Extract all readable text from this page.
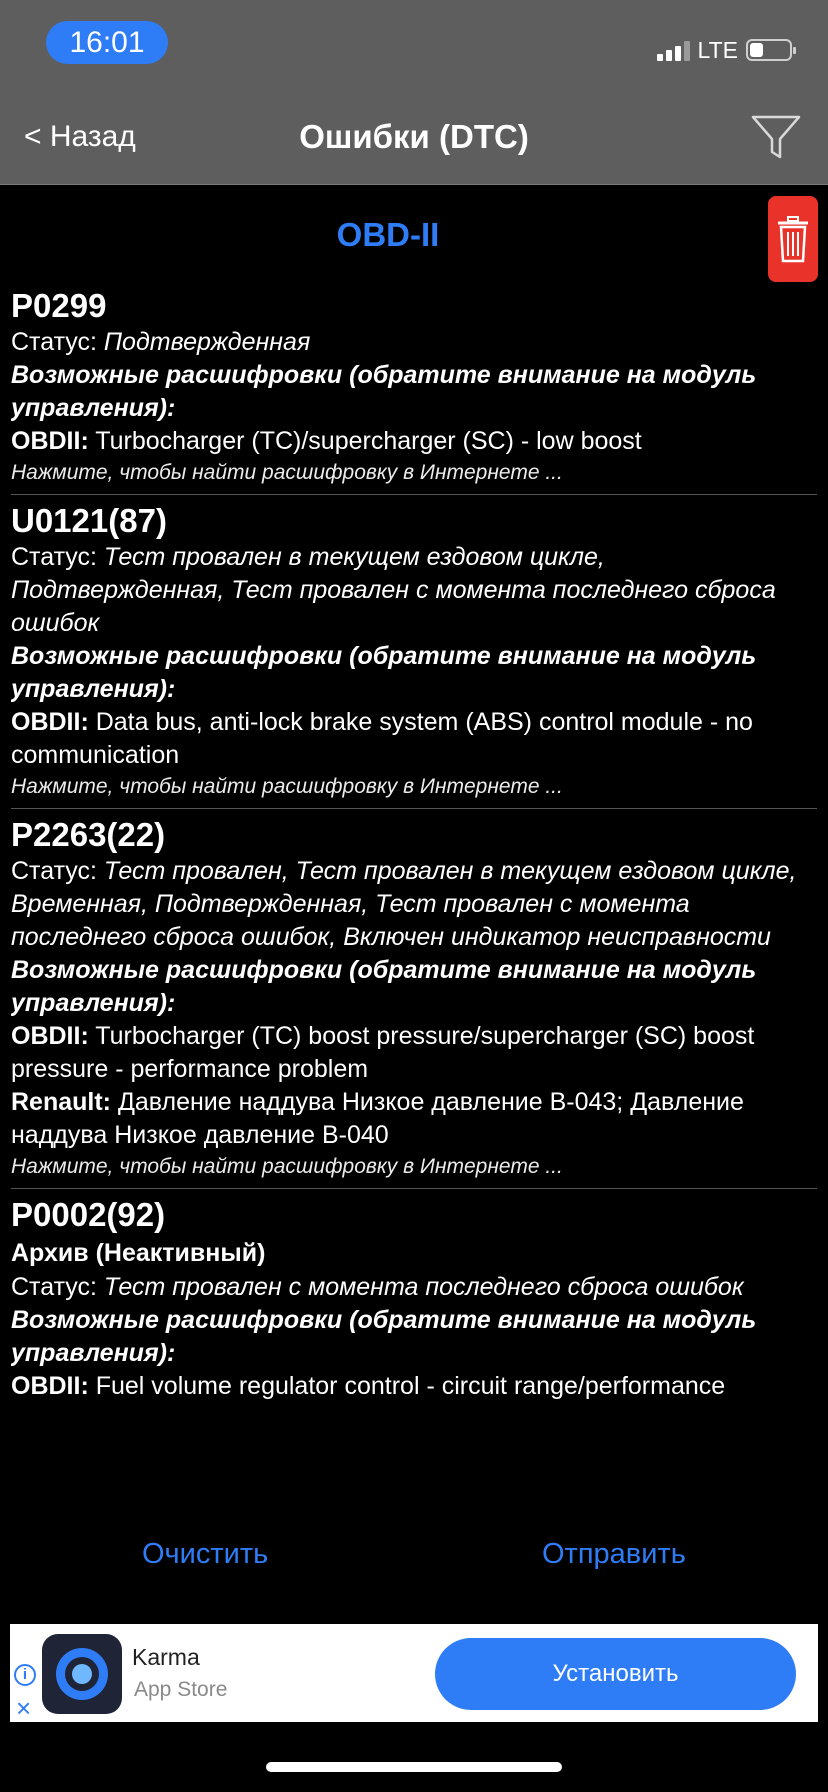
16:01	LTE
< Назад	Ошибки (DTC)
OBD-II
P0299
Статус: Подтвержденная
Возможные расшифровки (обратите внимание на модуль управления):
OBDII: Turbocharger (TC)/supercharger (SC) - low boost
Нажмите, чтобы найти расшифровку в Интернете ...
U0121(87)
Статус: Тест провален в текущем ездовом цикле, Подтвержденная, Тест провален с момента последнего сброса ошибок
Возможные расшифровки (обратите внимание на модуль управления):
OBDII: Data bus, anti-lock brake system (ABS) control module - no communication
Нажмите, чтобы найти расшифровку в Интернете ...
P2263(22)
Статус: Тест провален, Тест провален в текущем ездовом цикле, Временная, Подтвержденная, Тест провален с момента последнего сброса ошибок, Включен индикатор неисправности
Возможные расшифровки (обратите внимание на модуль управления):
OBDII: Turbocharger (TC) boost pressure/supercharger (SC) boost pressure - performance problem
Renault: Давление наддува Низкое давление B-043; Давление наддува Низкое давление B-040
Нажмите, чтобы найти расшифровку в Интернете ...
P0002(92)
Архив (Неактивный)
Статус: Тест провален с момента последнего сброса ошибок
Возможные расшифровки (обратите внимание на модуль управления):
OBDII: Fuel volume regulator control - circuit range/performance
Очистить	Отправить
i
×
Karma
App Store
Установить
